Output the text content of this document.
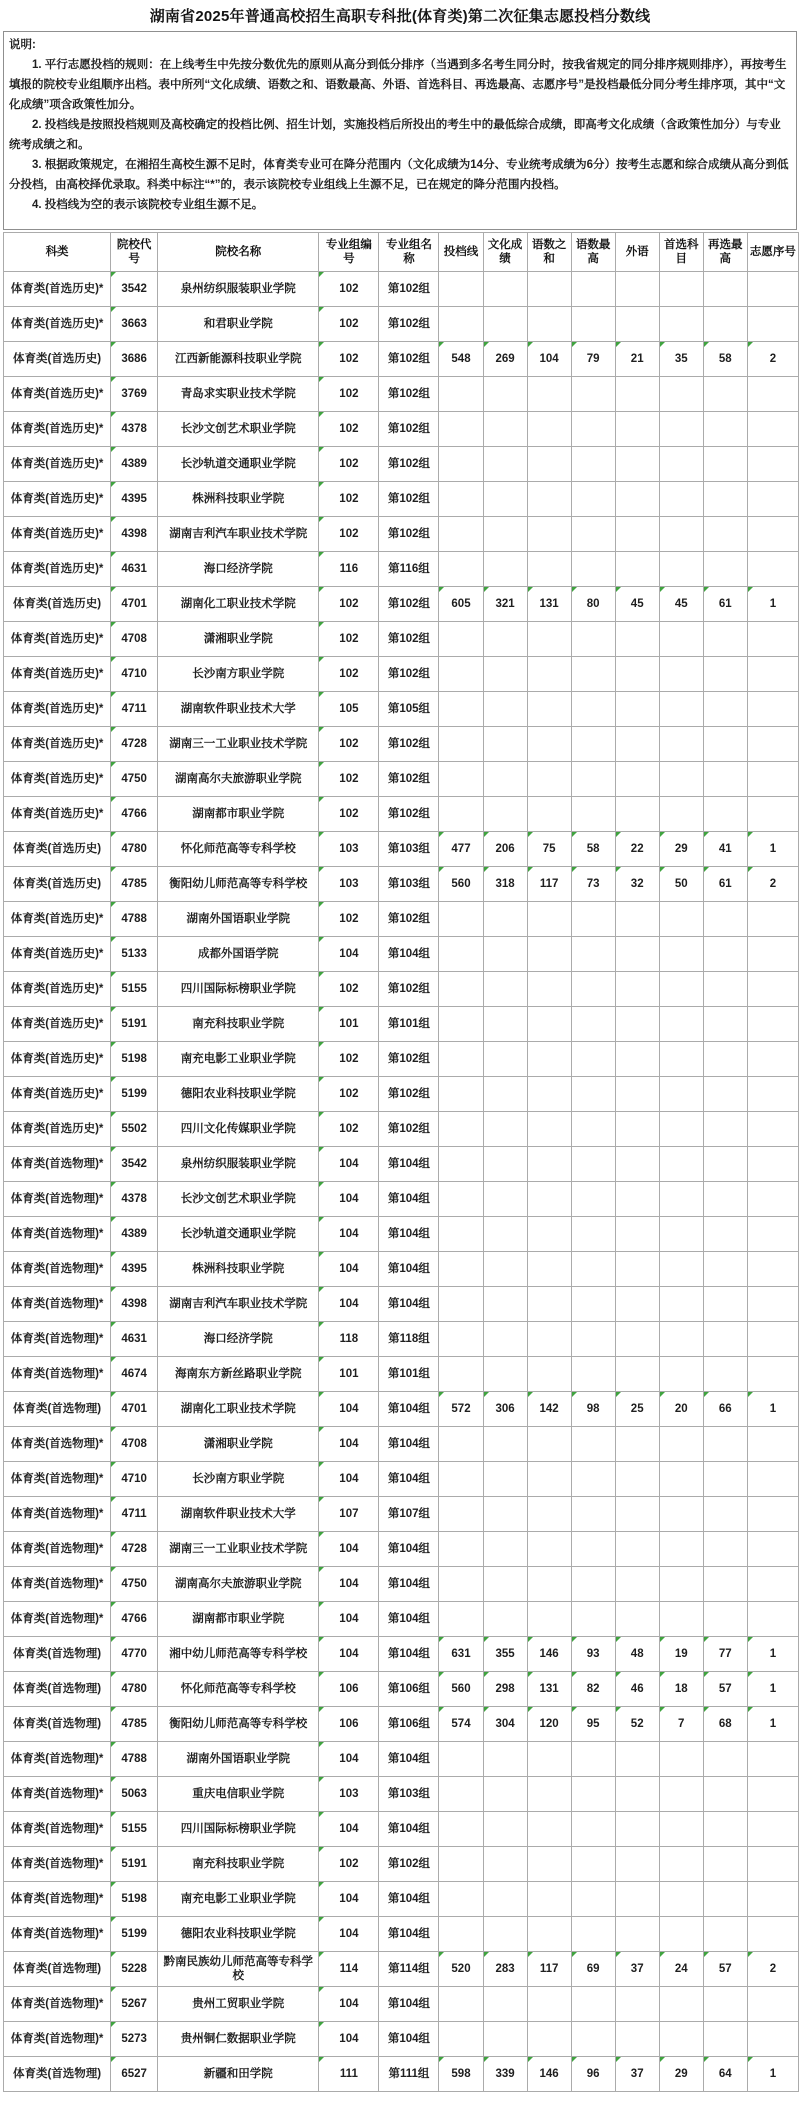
湖南省2025年普通高校招生高职专科批(体育类)第二次征集志愿投档分数线

说明:

1. 平行志愿投档的规则：在上线考生中先按分数优先的原则从高分到低分排序（当遇到多名考生同分时，按我省规定的同分排序规则排序），再按考生填报的院校专业组顺序出档。表中所列“文化成绩、语数之和、语数最高、外语、首选科目、再选最高、志愿序号”是投档最低分同分考生排序项，其中“文化成绩”项含政策性加分。

2. 投档线是按照投档规则及高校确定的投档比例、招生计划，实施投档后所投出的考生中的最低综合成绩，即高考文化成绩（含政策性加分）与专业统考成绩之和。

3. 根据政策规定，在湘招生高校生源不足时，体育类专业可在降分范围内（文化成绩为14分、专业统考成绩为6分）按考生志愿和综合成绩从高分到低分投档，由高校择优录取。科类中标注“*”的，表示该院校专业组线上生源不足，已在规定的降分范围内投档。

4. 投档线为空的表示该院校专业组生源不足。

科类	院校代号	院校名称	专业组编号	专业组名称	投档线	文化成绩	语数之和	语数最高	外语	首选科目	再选最高	志愿序号
体育类(首选历史)*	3542	泉州纺织服装职业学院	102	第102组								
体育类(首选历史)*	3663	和君职业学院	102	第102组								
体育类(首选历史)	3686	江西新能源科技职业学院	102	第102组	548	269	104	79	21	35	58	2
体育类(首选历史)*	3769	青岛求实职业技术学院	102	第102组								
体育类(首选历史)*	4378	长沙文创艺术职业学院	102	第102组								
体育类(首选历史)*	4389	长沙轨道交通职业学院	102	第102组								
体育类(首选历史)*	4395	株洲科技职业学院	102	第102组								
体育类(首选历史)*	4398	湖南吉利汽车职业技术学院	102	第102组								
体育类(首选历史)*	4631	海口经济学院	116	第116组								
体育类(首选历史)	4701	湖南化工职业技术学院	102	第102组	605	321	131	80	45	45	61	1
体育类(首选历史)*	4708	潇湘职业学院	102	第102组								
体育类(首选历史)*	4710	长沙南方职业学院	102	第102组								
体育类(首选历史)*	4711	湖南软件职业技术大学	105	第105组								
体育类(首选历史)*	4728	湖南三一工业职业技术学院	102	第102组								
体育类(首选历史)*	4750	湖南高尔夫旅游职业学院	102	第102组								
体育类(首选历史)*	4766	湖南都市职业学院	102	第102组								
体育类(首选历史)	4780	怀化师范高等专科学校	103	第103组	477	206	75	58	22	29	41	1
体育类(首选历史)	4785	衡阳幼儿师范高等专科学校	103	第103组	560	318	117	73	32	50	61	2
体育类(首选历史)*	4788	湖南外国语职业学院	102	第102组								
体育类(首选历史)*	5133	成都外国语学院	104	第104组								
体育类(首选历史)*	5155	四川国际标榜职业学院	102	第102组								
体育类(首选历史)*	5191	南充科技职业学院	101	第101组								
体育类(首选历史)*	5198	南充电影工业职业学院	102	第102组								
体育类(首选历史)*	5199	德阳农业科技职业学院	102	第102组								
体育类(首选历史)*	5502	四川文化传媒职业学院	102	第102组								
体育类(首选物理)*	3542	泉州纺织服装职业学院	104	第104组								
体育类(首选物理)*	4378	长沙文创艺术职业学院	104	第104组								
体育类(首选物理)*	4389	长沙轨道交通职业学院	104	第104组								
体育类(首选物理)*	4395	株洲科技职业学院	104	第104组								
体育类(首选物理)*	4398	湖南吉利汽车职业技术学院	104	第104组								
体育类(首选物理)*	4631	海口经济学院	118	第118组								
体育类(首选物理)*	4674	海南东方新丝路职业学院	101	第101组								
体育类(首选物理)	4701	湖南化工职业技术学院	104	第104组	572	306	142	98	25	20	66	1
体育类(首选物理)*	4708	潇湘职业学院	104	第104组								
体育类(首选物理)*	4710	长沙南方职业学院	104	第104组								
体育类(首选物理)*	4711	湖南软件职业技术大学	107	第107组								
体育类(首选物理)*	4728	湖南三一工业职业技术学院	104	第104组								
体育类(首选物理)*	4750	湖南高尔夫旅游职业学院	104	第104组								
体育类(首选物理)*	4766	湖南都市职业学院	104	第104组								
体育类(首选物理)	4770	湘中幼儿师范高等专科学校	104	第104组	631	355	146	93	48	19	77	1
体育类(首选物理)	4780	怀化师范高等专科学校	106	第106组	560	298	131	82	46	18	57	1
体育类(首选物理)	4785	衡阳幼儿师范高等专科学校	106	第106组	574	304	120	95	52	7	68	1
体育类(首选物理)*	4788	湖南外国语职业学院	104	第104组								
体育类(首选物理)*	5063	重庆电信职业学院	103	第103组								
体育类(首选物理)*	5155	四川国际标榜职业学院	104	第104组								
体育类(首选物理)*	5191	南充科技职业学院	102	第102组								
体育类(首选物理)*	5198	南充电影工业职业学院	104	第104组								
体育类(首选物理)*	5199	德阳农业科技职业学院	104	第104组								
体育类(首选物理)	5228	黔南民族幼儿师范高等专科学校	114	第114组	520	283	117	69	37	24	57	2
体育类(首选物理)*	5267	贵州工贸职业学院	104	第104组								
体育类(首选物理)*	5273	贵州铜仁数据职业学院	104	第104组								
体育类(首选物理)	6527	新疆和田学院	111	第111组	598	339	146	96	37	29	64	1
